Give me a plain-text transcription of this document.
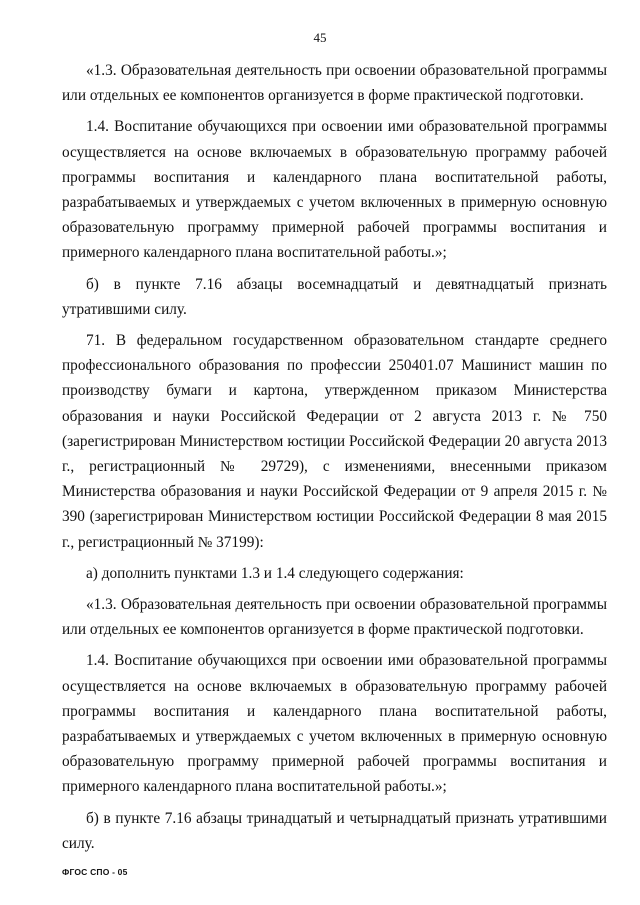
45

«1.3. Образовательная деятельность при освоении образовательной программы или отдельных ее компонентов организуется в форме практической подготовки.

1.4. Воспитание обучающихся при освоении ими образовательной программы осуществляется на основе включаемых в образовательную программу рабочей программы воспитания и календарного плана воспитательной работы, разрабатываемых и утверждаемых с учетом включенных в примерную основную образовательную программу примерной рабочей программы воспитания и примерного календарного плана воспитательной работы.»;

б) в пункте 7.16 абзацы восемнадцатый и девятнадцатый признать утратившими силу.

71. В федеральном государственном образовательном стандарте среднего профессионального образования по профессии 250401.07 Машинист машин по производству бумаги и картона, утвержденном приказом Министерства образования и науки Российской Федерации от 2 августа 2013 г. № 750 (зарегистрирован Министерством юстиции Российской Федерации 20 августа 2013 г., регистрационный № 29729), с изменениями, внесенными приказом Министерства образования и науки Российской Федерации от 9 апреля 2015 г. № 390 (зарегистрирован Министерством юстиции Российской Федерации 8 мая 2015 г., регистрационный № 37199):

а) дополнить пунктами 1.3 и 1.4 следующего содержания:

«1.3. Образовательная деятельность при освоении образовательной программы или отдельных ее компонентов организуется в форме практической подготовки.

1.4. Воспитание обучающихся при освоении ими образовательной программы осуществляется на основе включаемых в образовательную программу рабочей программы воспитания и календарного плана воспитательной работы, разрабатываемых и утверждаемых с учетом включенных в примерную основную образовательную программу примерной рабочей программы воспитания и примерного календарного плана воспитательной работы.»;

б) в пункте 7.16 абзацы тринадцатый и четырнадцатый признать утратившими силу.

ФГОС СПО - 05
